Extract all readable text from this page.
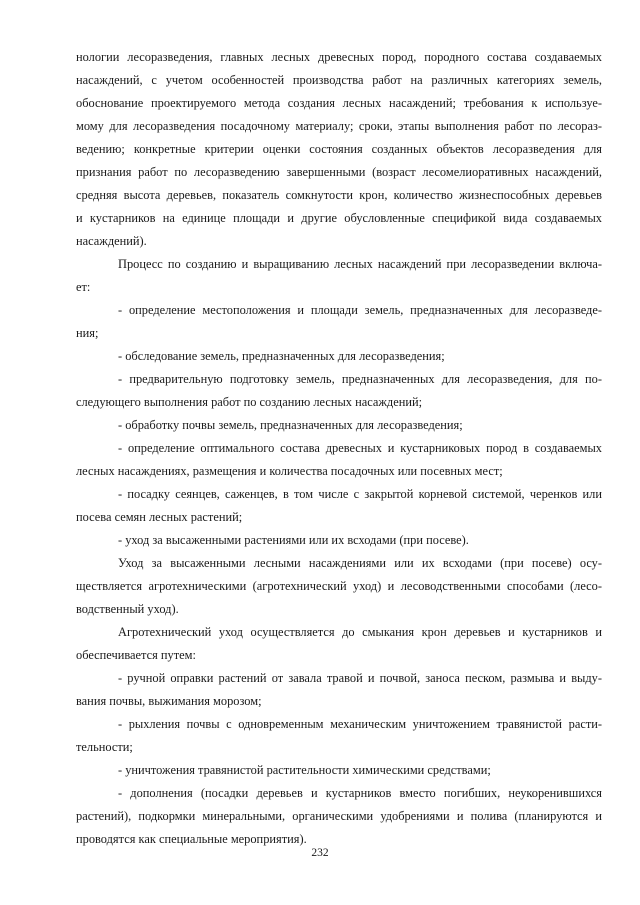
нологии лесоразведения, главных лесных древесных пород, породного состава создаваемых
насаждений, с учетом особенностей производства работ на различных категориях земель,
обоснование проектируемого метода создания лесных насаждений; требования к используе-
мому для лесоразведения посадочному материалу; сроки, этапы выполнения работ по лесораз-
ведению; конкретные критерии оценки состояния созданных объектов лесоразведения для
признания работ по лесоразведению завершенными (возраст лесомелиоративных насаждений,
средняя высота деревьев, показатель сомкнутости крон, количество жизнеспособных деревьев
и кустарников на единице площади и другие обусловленные спецификой вида создаваемых
насаждений).
Процесс по созданию и выращиванию лесных насаждений при лесоразведении включа-
ет:
- определение местоположения и площади земель, предназначенных для лесоразведе-
ния;
- обследование земель, предназначенных для лесоразведения;
- предварительную подготовку земель, предназначенных для лесоразведения, для по-
следующего выполнения работ по созданию лесных насаждений;
- обработку почвы земель, предназначенных для лесоразведения;
- определение оптимального состава древесных и кустарниковых пород в создаваемых
лесных насаждениях, размещения и количества посадочных или посевных мест;
- посадку сеянцев, саженцев, в том числе с закрытой корневой системой, черенков или
посева семян лесных растений;
- уход за высаженными растениями или их всходами (при посеве).
Уход за высаженными лесными насаждениями или их всходами (при посеве) осу-
ществляется агротехническими (агротехнический уход) и лесоводственными способами (лесо-
водственный уход).
Агротехнический уход осуществляется до смыкания крон деревьев и кустарников и
обеспечивается путем:
- ручной оправки растений от завала травой и почвой, заноса песком, размыва и выду-
вания почвы, выжимания морозом;
- рыхления почвы с одновременным механическим уничтожением травянистой расти-
тельности;
- уничтожения травянистой растительности химическими средствами;
- дополнения (посадки деревьев и кустарников вместо погибших, неукоренившихся
растений), подкормки минеральными, органическими удобрениями и полива (планируются и
проводятся как специальные мероприятия).
232
